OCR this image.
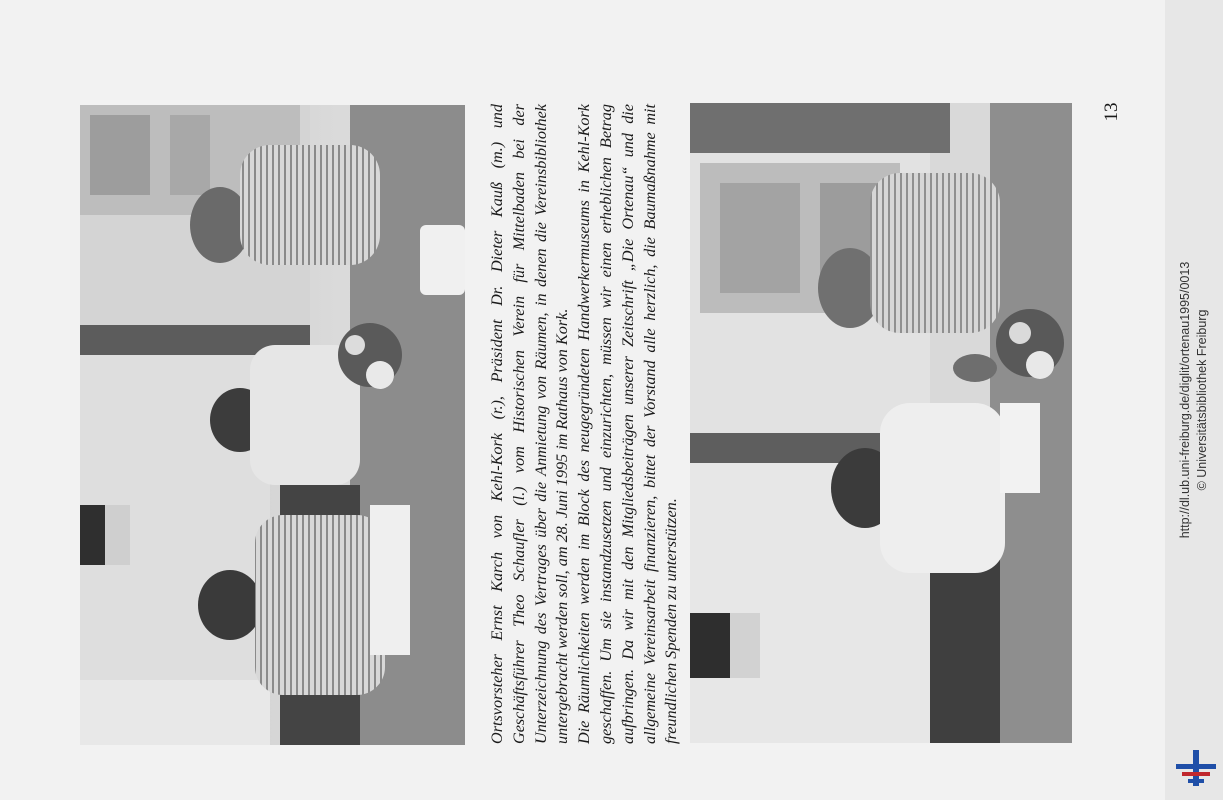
Ortsvorsteher Ernst Karch von Kehl-Kork (r.), Präsident Dr. Dieter Kauß (m.) und Geschäftsführer Theo Schaufler (l.) vom Historischen Verein für Mittelbaden bei der Unterzeichnung des Vertrages über die Anmietung von Räumen, in denen die Vereinsbibliothek untergebracht werden soll, am 28. Juni 1995 im Rathaus von Kork. Die Räumlichkeiten werden im Block des neugegründeten Handwerkermuseums in Kehl-Kork geschaffen. Um sie instandzusetzen und einzurichten, müssen wir einen erheblichen Betrag aufbringen. Da wir mit den Mitgliedsbeiträgen unserer Zeitschrift „Die Ortenau“ und die allgemeine Vereinsarbeit finanzieren, bittet der Vorstand alle herzlich, die Baumaßnahme mit freundlichen Spenden zu unterstützen.

13
http://dl.ub.uni-freiburg.de/diglit/ortenau1995/0013 © Universitätsbibliothek Freiburg
